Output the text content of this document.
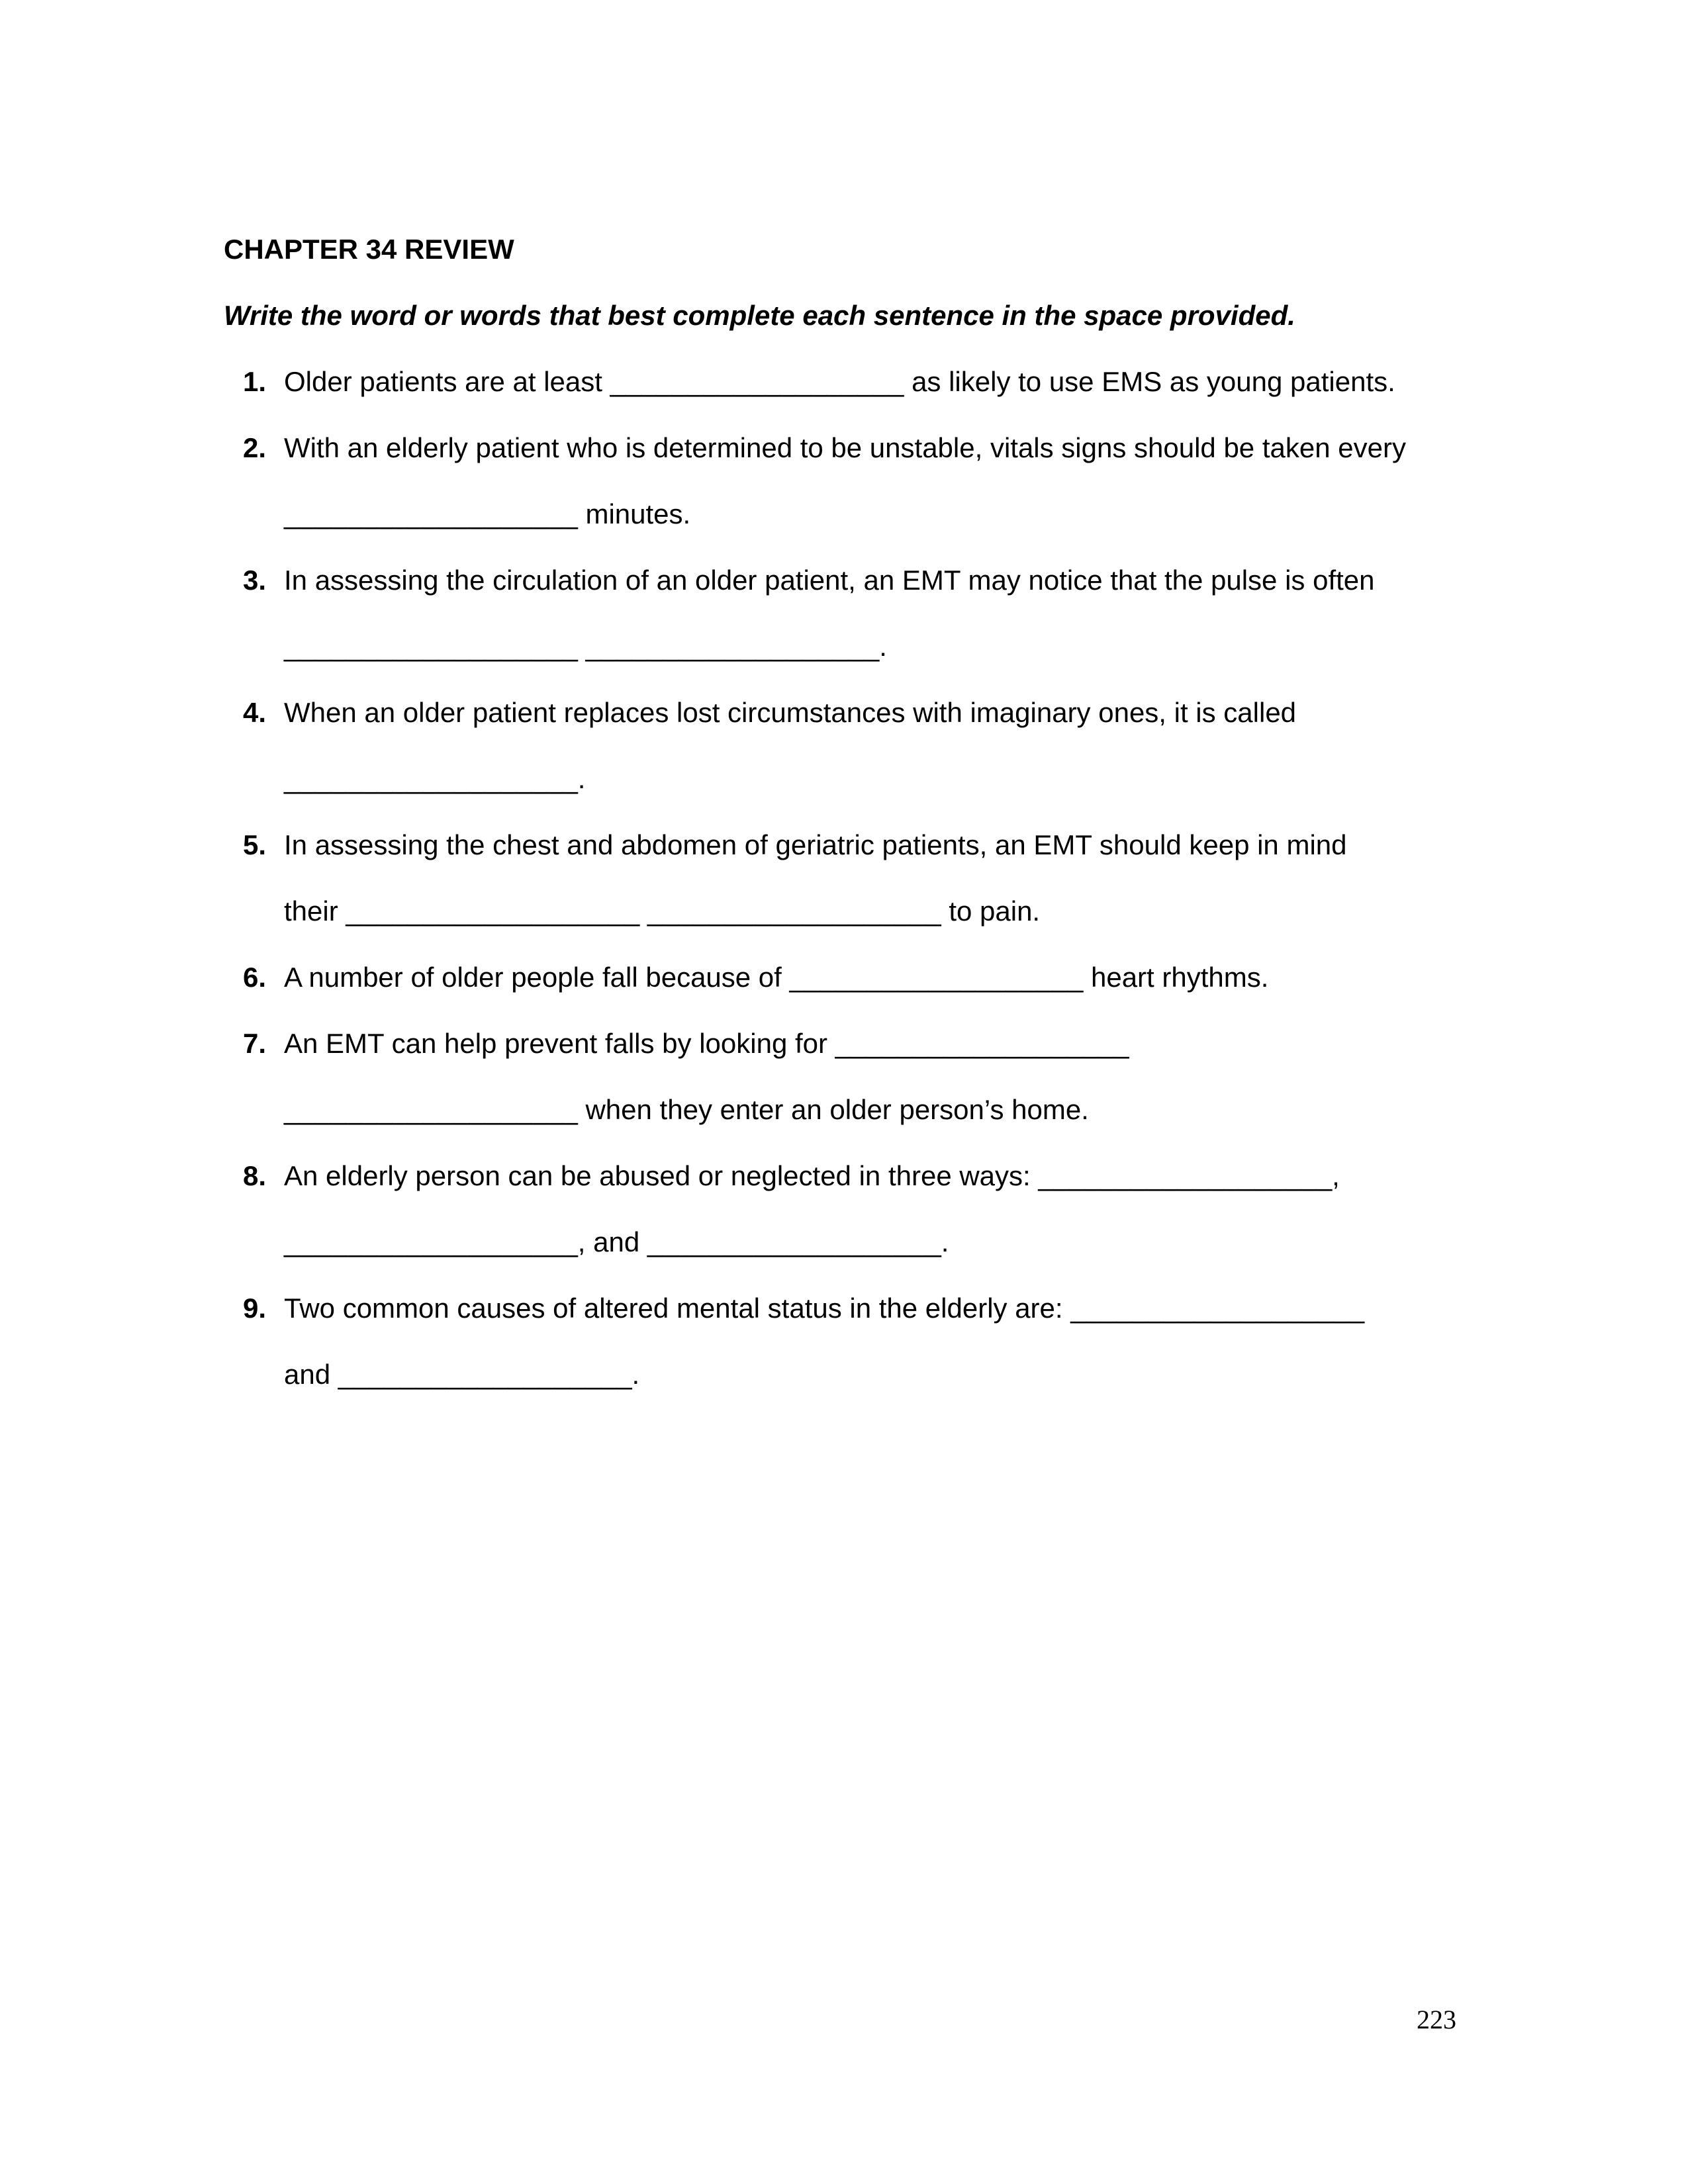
CHAPTER 34 REVIEW
Write the word or words that best complete each sentence in the space provided.
1. Older patients are at least ___________________ as likely to use EMS as young patients.
2. With an elderly patient who is determined to be unstable, vitals signs should be taken every
___________________ minutes.
3. In assessing the circulation of an older patient, an EMT may notice that the pulse is often
___________________ ___________________.
4. When an older patient replaces lost circumstances with imaginary ones, it is called
___________________.
5. In assessing the chest and abdomen of geriatric patients, an EMT should keep in mind
their ___________________ ___________________ to pain.
6. A number of older people fall because of ___________________ heart rhythms.
7. An EMT can help prevent falls by looking for ___________________
___________________ when they enter an older person’s home.
8. An elderly person can be abused or neglected in three ways: ___________________,
___________________, and ___________________.
9. Two common causes of altered mental status in the elderly are: ___________________
and ___________________.
223
